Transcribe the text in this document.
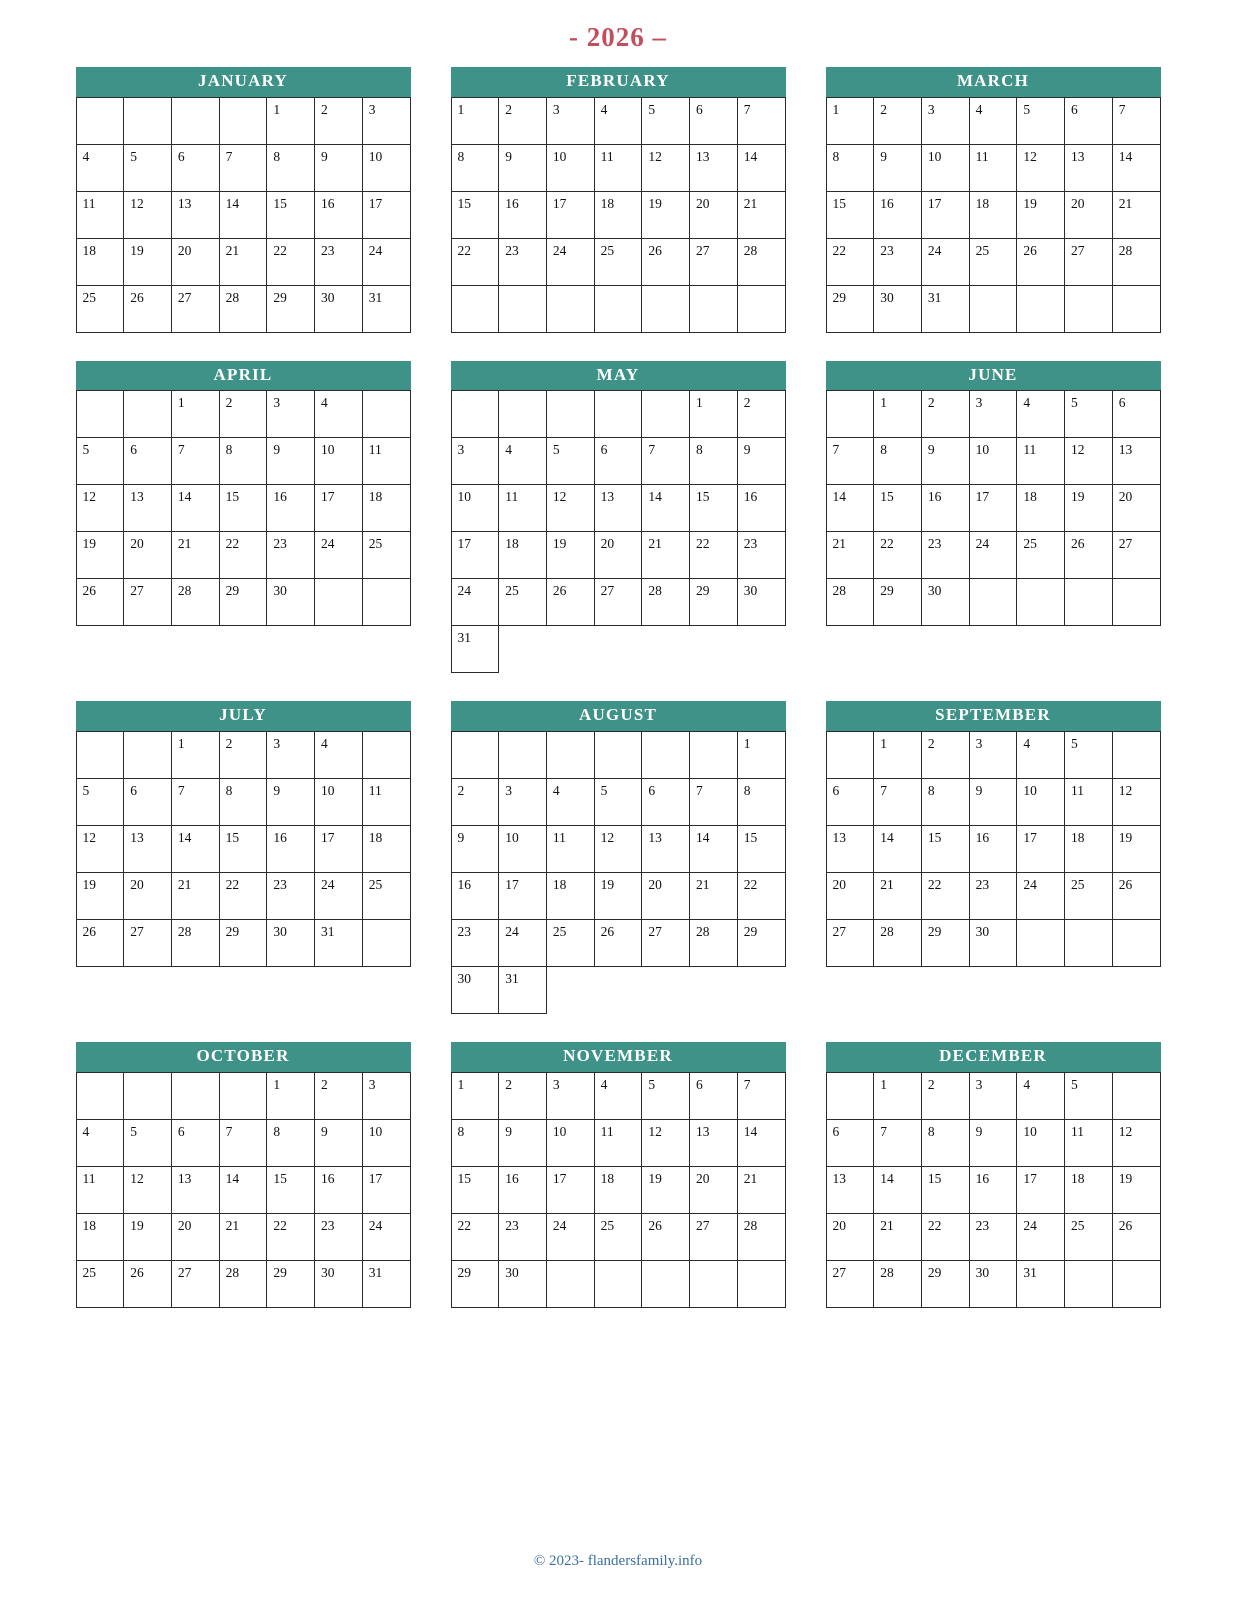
- 2026 –
JANUARY
				1	2	3
4	5	6	7	8	9	10
11	12	13	14	15	16	17
18	19	20	21	22	23	24
25	26	27	28	29	30	31
FEBRUARY
1	2	3	4	5	6	7
8	9	10	11	12	13	14
15	16	17	18	19	20	21
22	23	24	25	26	27	28

MARCH
1	2	3	4	5	6	7
8	9	10	11	12	13	14
15	16	17	18	19	20	21
22	23	24	25	26	27	28
29	30	31				
APRIL
		1	2	3	4	
5	6	7	8	9	10	11
12	13	14	15	16	17	18
19	20	21	22	23	24	25
26	27	28	29	30		
MAY
					1	2
3	4	5	6	7	8	9
10	11	12	13	14	15	16
17	18	19	20	21	22	23
24	25	26	27	28	29	30
31						
JUNE
	1	2	3	4	5	6
7	8	9	10	11	12	13
14	15	16	17	18	19	20
21	22	23	24	25	26	27
28	29	30				
JULY
		1	2	3	4	
5	6	7	8	9	10	11
12	13	14	15	16	17	18
19	20	21	22	23	24	25
26	27	28	29	30	31	
AUGUST
						1
2	3	4	5	6	7	8
9	10	11	12	13	14	15
16	17	18	19	20	21	22
23	24	25	26	27	28	29
30	31					
SEPTEMBER
	1	2	3	4	5	
6	7	8	9	10	11	12
13	14	15	16	17	18	19
20	21	22	23	24	25	26
27	28	29	30			
OCTOBER
				1	2	3
4	5	6	7	8	9	10
11	12	13	14	15	16	17
18	19	20	21	22	23	24
25	26	27	28	29	30	31
NOVEMBER
1	2	3	4	5	6	7
8	9	10	11	12	13	14
15	16	17	18	19	20	21
22	23	24	25	26	27	28
29	30					
DECEMBER
	1	2	3	4	5	
6	7	8	9	10	11	12
13	14	15	16	17	18	19
20	21	22	23	24	25	26
27	28	29	30	31		
© 2023- flandersfamily.info
